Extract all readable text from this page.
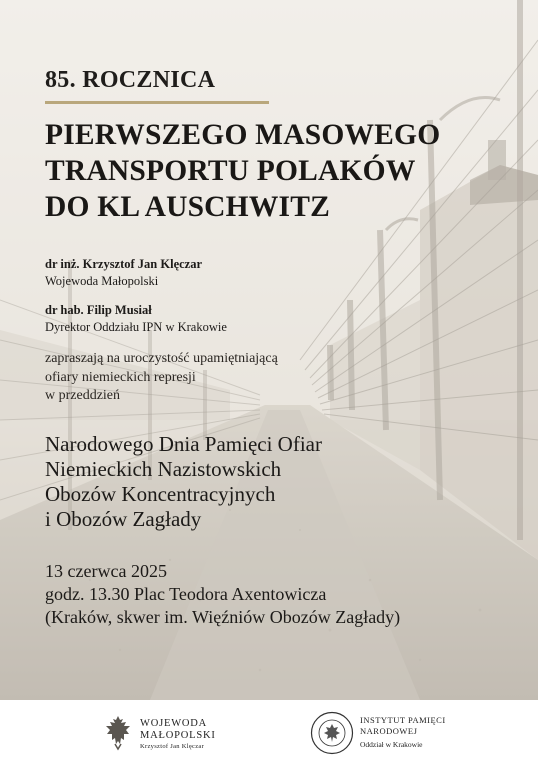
85. ROCZNICA
PIERWSZEGO MASOWEGO
TRANSPORTU POLAKÓW
DO KL AUSCHWITZ
dr inż. Krzysztof Jan Klęczar
Wojewoda Małopolski
dr hab. Filip Musiał
Dyrektor Oddziału IPN w Krakowie
zapraszają na uroczystość upamiętniającą
ofiary niemieckich represji
w przeddzień
Narodowego Dnia Pamięci Ofiar
Niemieckich Nazistowskich
Obozów Koncentracyjnych
i Obozów Zagłady
13 czerwca 2025
godz. 13.30 Plac Teodora Axentowicza
(Kraków, skwer im. Więźniów Obozów Zagłady)
WOJEWODA
MAŁOPOLSKI
Krzysztof Jan Klęczar
INSTYTUT PAMIĘCI
NARODOWEJ
Oddział w Krakowie
